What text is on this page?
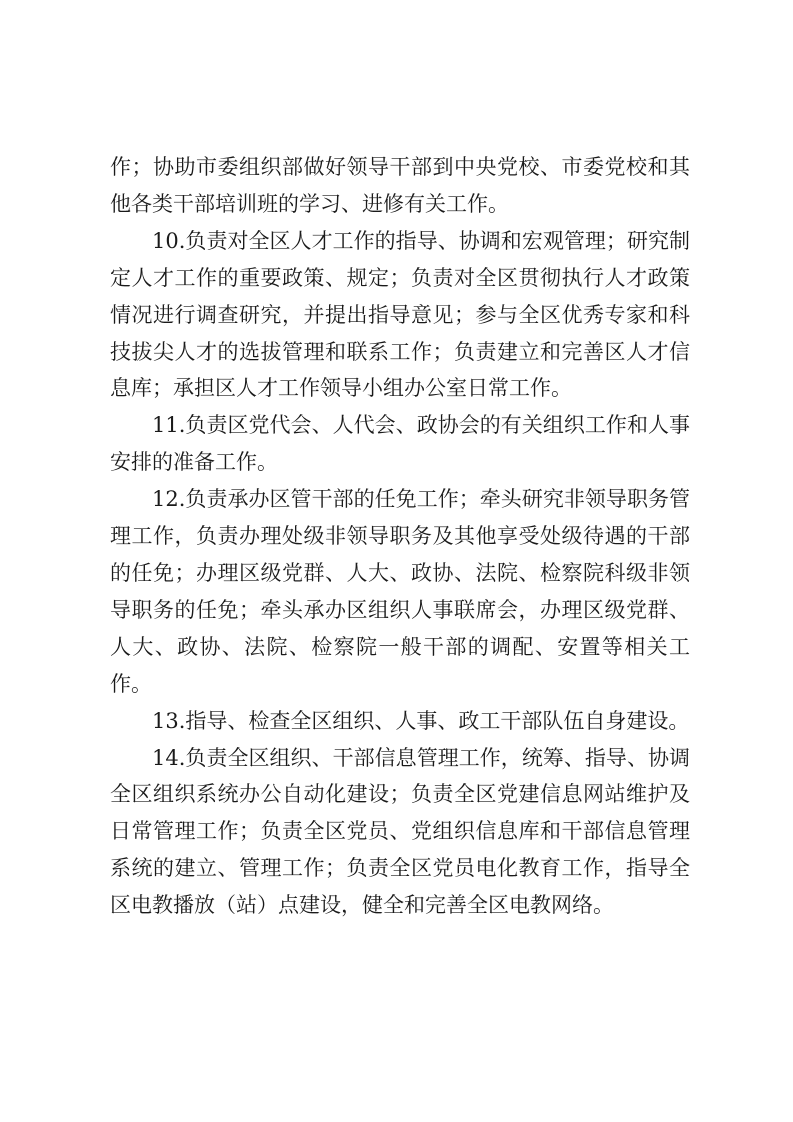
作；协助市委组织部做好领导干部到中央党校、市委党校和其他各类干部培训班的学习、进修有关工作。

10.负责对全区人才工作的指导、协调和宏观管理；研究制定人才工作的重要政策、规定；负责对全区贯彻执行人才政策情况进行调查研究，并提出指导意见；参与全区优秀专家和科技拔尖人才的选拔管理和联系工作；负责建立和完善区人才信息库；承担区人才工作领导小组办公室日常工作。

11.负责区党代会、人代会、政协会的有关组织工作和人事安排的准备工作。

12.负责承办区管干部的任免工作；牵头研究非领导职务管理工作，负责办理处级非领导职务及其他享受处级待遇的干部的任免；办理区级党群、人大、政协、法院、检察院科级非领导职务的任免；牵头承办区组织人事联席会，办理区级党群、人大、政协、法院、检察院一般干部的调配、安置等相关工作。

13.指导、检查全区组织、人事、政工干部队伍自身建设。

14.负责全区组织、干部信息管理工作，统筹、指导、协调全区组织系统办公自动化建设；负责全区党建信息网站维护及日常管理工作；负责全区党员、党组织信息库和干部信息管理系统的建立、管理工作；负责全区党员电化教育工作，指导全区电教播放（站）点建设，健全和完善全区电教网络。
